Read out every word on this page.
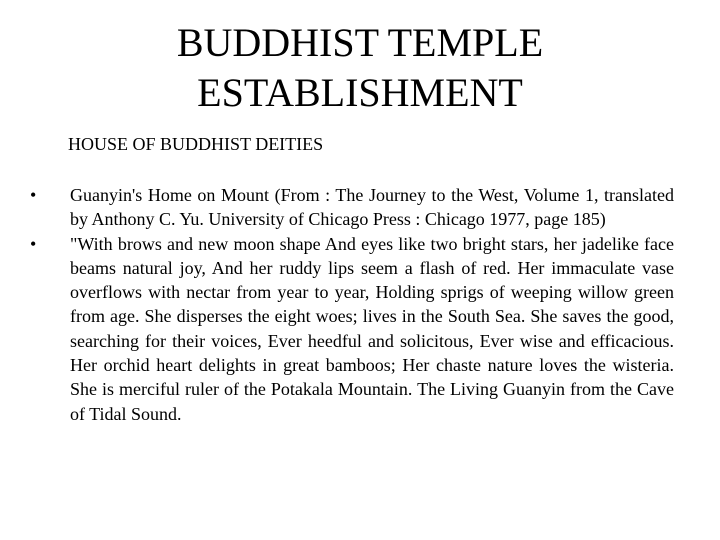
BUDDHIST TEMPLE
ESTABLISHMENT
HOUSE OF BUDDHIST DEITIES
• Guanyin's Home on Mount (From : The Journey to the West, Volume 1, translated by Anthony C. Yu. University of Chicago Press : Chicago 1977, page 185)
• "With brows and new moon shape And eyes like two bright stars, her jadelike face beams natural joy, And her ruddy lips seem a flash of red. Her immaculate vase overflows with nectar from year to year, Holding sprigs of weeping willow green from age. She disperses the eight woes; lives in the South Sea. She saves the good, searching for their voices, Ever heedful and solicitous, Ever wise and efficacious. Her orchid heart delights in great bamboos; Her chaste nature loves the wisteria. She is merciful ruler of the Potakala Mountain. The Living Guanyin from the Cave of Tidal Sound.
